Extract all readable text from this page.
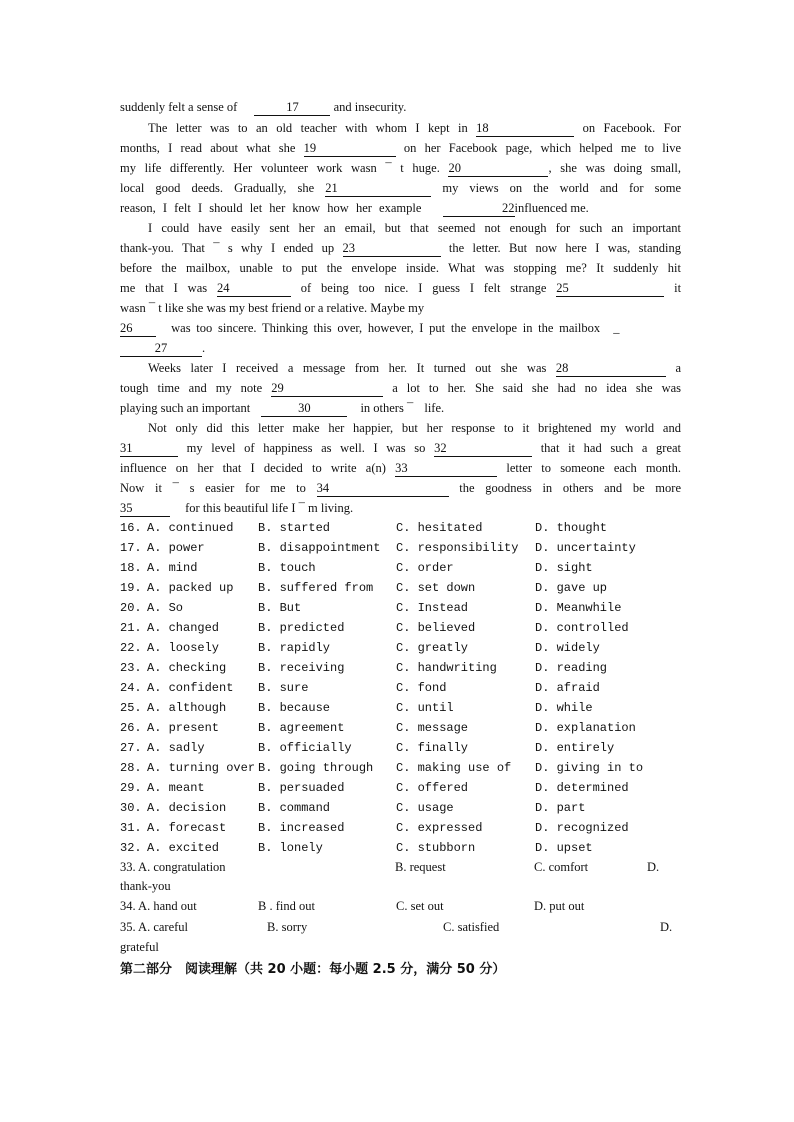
suddenly felt a sense of	17	and insecurity.
The letter was to an old teacher with whom I kept in 18	on Facebook. For
months, I read about what she 19	on her Facebook page, which helped me to live
my life differently. Her volunteer work wasn ¯ t huge. 20	, she was doing small,
local good deeds. Gradually, she 21	my views on the world and for some
reason, I felt I should let her know how her example	22influenced me.
I could have easily sent her an email, but that seemed not enough for such an important
thank-you. That ¯ s why I ended up 23	the letter. But now here I was, standing
before the mailbox, unable to put the envelope inside. What was stopping me? It suddenly hit
me that I was 24	of being too nice. I guess I felt strange 25	it
wasn ¯ t like she was my best friend or a relative. Maybe my
26	was too sincere. Thinking this over, however, I put the envelope in the mailbox _
27	.
Weeks later I received a message from her. It turned out she was 28	a
tough time and my note 29	a lot to her. She said she had no idea she was
playing such an important	30	in others ¯ life.
Not only did this letter make her happier, but her response to it brightened my world and
31	my level of happiness as well. I was so 32	that it had such a great
influence on her that I decided to write a(n) 33	letter to someone each month.
Now it ¯ s easier for me to 34	the goodness in others and be more
35	for this beautiful life I ¯ m living.
16. A. continued B. started	C. hesitated	D. thought
17. A. power	B. disappointment C. responsibility D. uncertainty
18. A. mind	B. touch	C. order	D. sight
19. A. packed up B. suffered from C. set down	D. gave up
20. A. So	B. But	C. Instead	D. Meanwhile
21. A. changed	B. predicted	C. believed	D. controlled
22. A. loosely	B. rapidly	C. greatly	D. widely
23. A. checking	B. receiving	C. handwriting	D. reading
24. A. confident B. sure	C. fond	D. afraid
25. A. although	B. because	C. until	D. while
26. A. present	B. agreement	C. message	D. explanation
27. A. sadly	B. officially	C. finally	D. entirely
28. A. turning over B. going through C. making use of D. giving in to
29. A. meant	B. persuaded	C. offered	D. determined
30. A. decision	B. command	C. usage	D. part
31. A. forecast	B. increased	C. expressed	D. recognized
32. A. excited	B. lonely	C. stubborn	D. upset
33. A. congratulation	B. request	C. comfort	D.
thank-you
34. A. hand out	B . find out	C. set out	D. put out
35. A. careful	B. sorry	C. satisfied	D.
grateful
第二部分　阅读理解（共 20 小题：每小题 2.5 分，满分 50 分）
